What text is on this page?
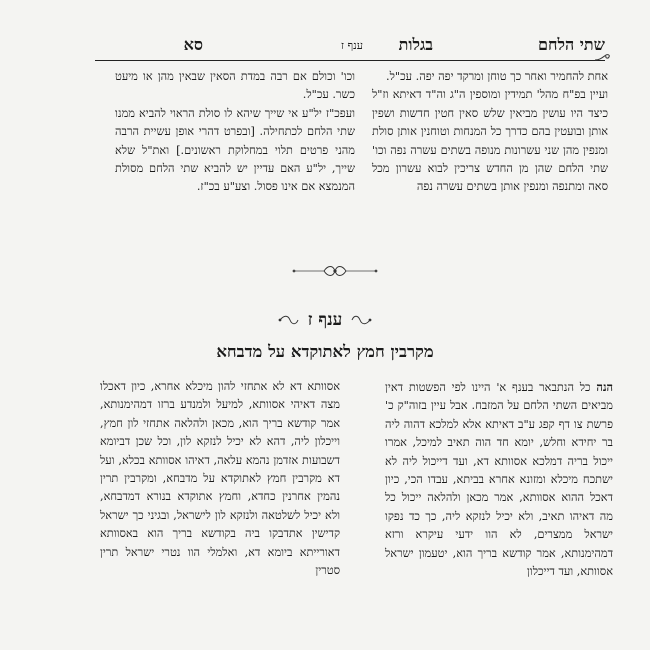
שתי הלחם
בגלות
ענף ז
סא

אחת להחמיר ואחר כך טוחן ומרקד יפה יפה. עכ"ל.

ועיין בפ"ח מהל' תמידין ומוספין ה"ג וה"ד דאיתא וז"ל כיצד היו עושין מביאין שלש סאין חטין חדשות ושפין אותן ובועטין בהם כדרך כל המנחות וטוחנין אותן סולת ומנפין מהן שני עשרונות מנופה בשתים עשרה נפה וכו' שתי הלחם שהן מן החדש צריכין לבוא עשרון מכל סאה ומתנפה ומנפין אותן בשתים עשרה נפה

וכו' וכולם אם רבה במדת הסאין שבאין מהן או מיעט כשר. עכ"ל.

ועפכ"ז יל"ע אי שייך שיהא לו סולת הראוי להביא ממנו שתי הלחם לכתחילה. [ובפרט דהרי אופן עשיית הרבה מהני פרטים תלוי במחלוקת ראשונים.] ואת"ל שלא שייך, יל"ע האם עדיין יש להביא שתי הלחם מסולת המנמצא אם אינו פסול. וצע"ע בכ"ז.

ענף ז
מקרבין חמץ לאתוקדא על מדבחא

הנה כל הנתבאר בענף א' היינו לפי הפשטות דאין מביאים השתי הלחם על המזבח. אבל עיין בזוה"ק כ' פרשת צו דף קפג ע"ב דאיתא אלא למלכא דהוה ליה בר יחידא וחלש, יומא חד הוה תאיב למיכל, אמרו ייכול בריה דמלכא אסוותא דא, ועד דייכול ליה לא ישתכח מיכלא ומזונא אחרא בביתא, עבדו הכי, כיון דאכל ההוא אסוותא, אמר מכאן ולהלאה ייכול כל מה דאיהו תאיב, ולא יכיל לנזקא ליה, כך כד נפקו ישראל ממצרים, לא הוו ידעי עיקרא ורזא דמהימנותא, אמר קודשא בריך הוא, יטעמון ישראל אסוותא, ועד דייכלון

אסוותא דא לא אתחזי להון מיכלא אחרא, כיון דאכלו מצה דאיהי אסוותא, למיעל ולמנדע ברזו דמהימנותא, אמר קודשא בריך הוא, מכאן ולהלאה אתחזי לון חמץ, וייכלון ליה, דהא לא יכיל לנזקא לון, וכל שכן דביומא דשבועות אזדמן נהמא עלאה, דאיהו אסוותא בכלא, ועל דא מקרבין חמץ לאתוקדא על מדבחא, ומקרבין תרין נהמין אחרנין כחדא, וחמץ אתוקדא בנורא דמדבחא, ולא יכיל לשלטאה ולנזקא לון לישראל, ובגיני כך ישראל קדישין אתדבקו ביה בקודשא בריך הוא באסוותא דאורייתא ביומא דא, ואלמלי הוו נטרי ישראל תרין סטרין
